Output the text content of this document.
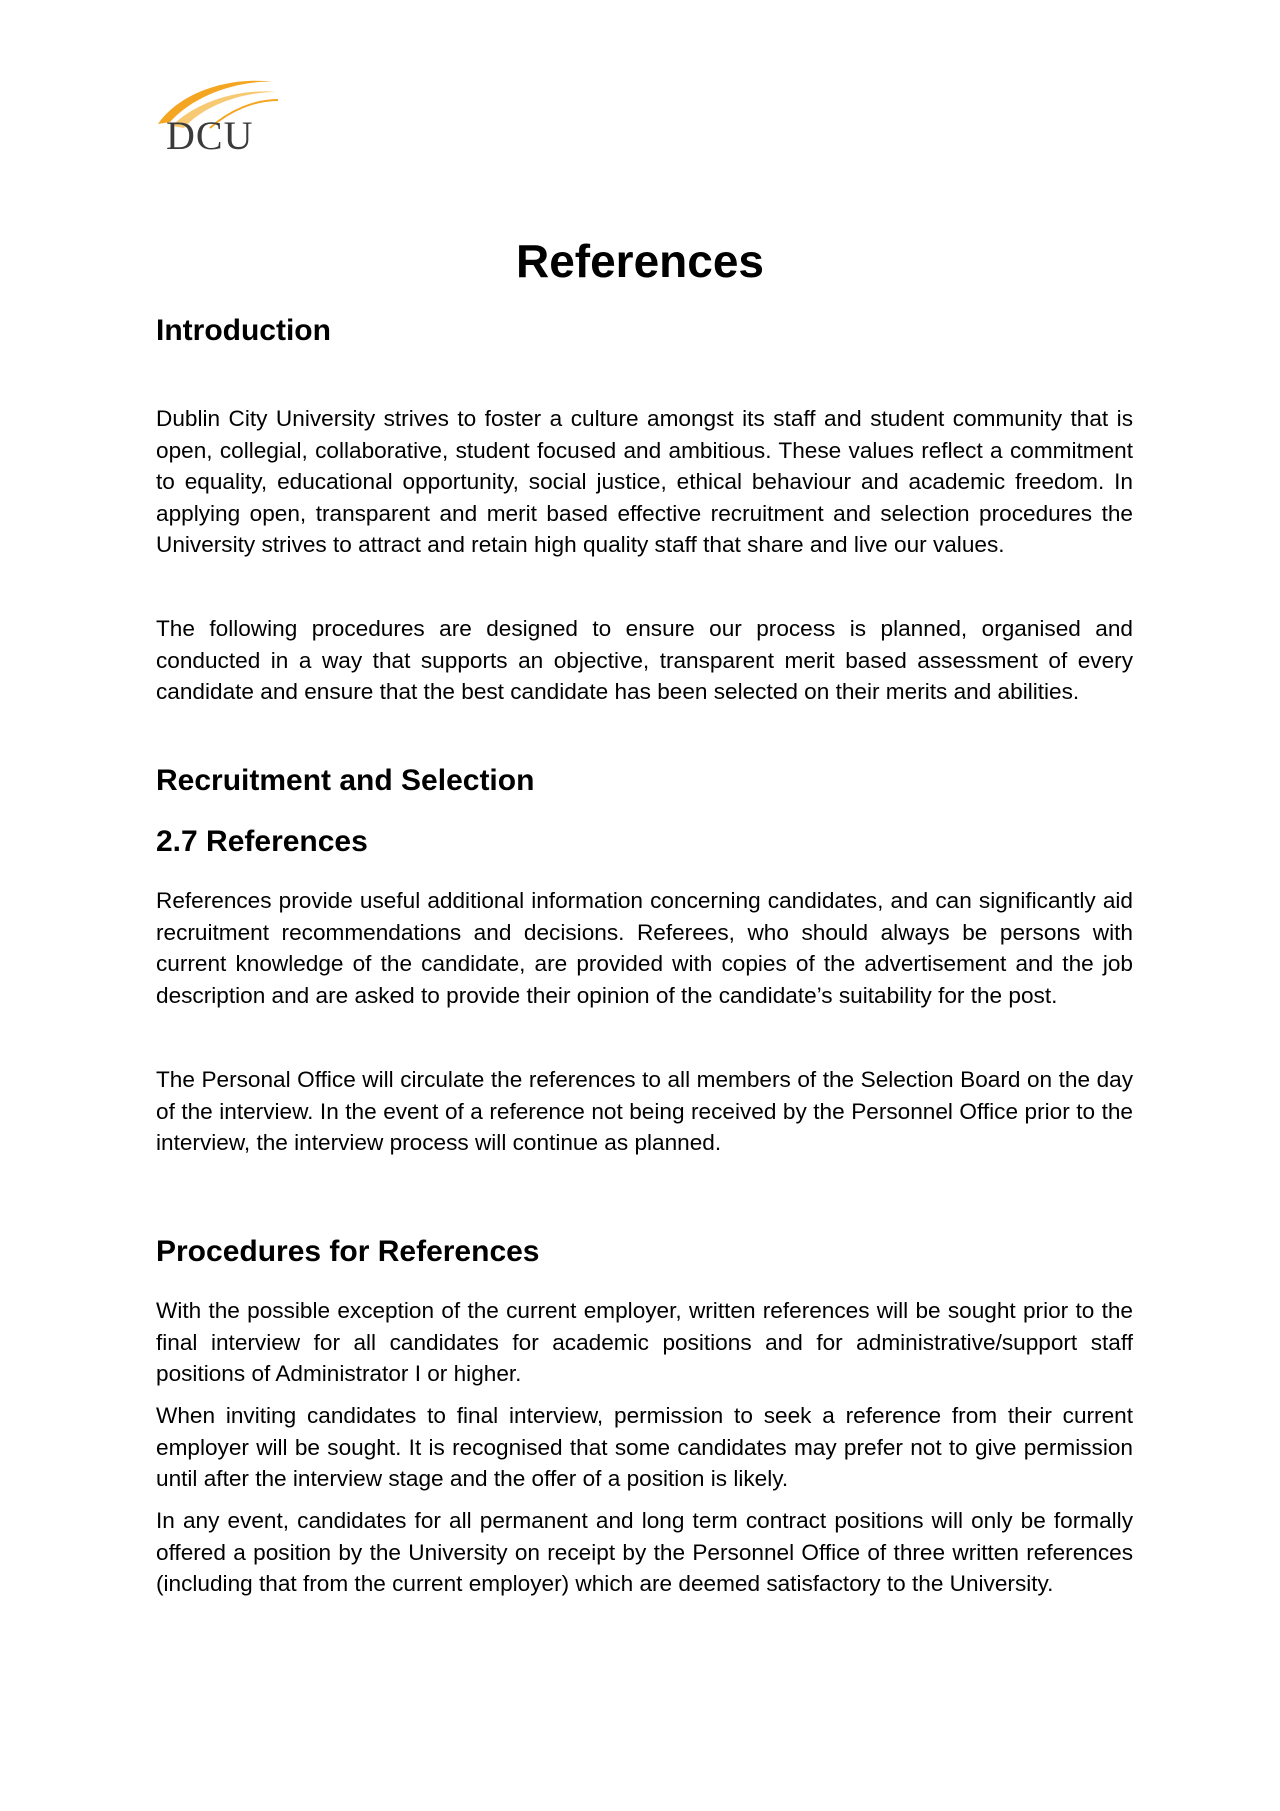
DCU
References
Introduction

Dublin City University strives to foster a culture amongst its staff and student community that is open, collegial, collaborative, student focused and ambitious. These values reflect a commitment to equality, educational opportunity, social justice, ethical behaviour and academic freedom. In applying open, transparent and merit based effective recruitment and selection procedures the University strives to attract and retain high quality staff that share and live our values.

The following procedures are designed to ensure our process is planned, organised and conducted in a way that supports an objective, transparent merit based assessment of every candidate and ensure that the best candidate has been selected on their merits and abilities.

Recruitment and Selection
2.7 References

References provide useful additional information concerning candidates, and can significantly aid recruitment recommendations and decisions. Referees, who should always be persons with current knowledge of the candidate, are provided with copies of the advertisement and the job description and are asked to provide their opinion of the candidate’s suitability for the post.

The Personal Office will circulate the references to all members of the Selection Board on the day of the interview. In the event of a reference not being received by the Personnel Office prior to the interview, the interview process will continue as planned.

Procedures for References

With the possible exception of the current employer, written references will be sought prior to the final interview for all candidates for academic positions and for administrative/support staff positions of Administrator I or higher.

When inviting candidates to final interview, permission to seek a reference from their current employer will be sought. It is recognised that some candidates may prefer not to give permission until after the interview stage and the offer of a position is likely.

In any event, candidates for all permanent and long term contract positions will only be formally offered a position by the University on receipt by the Personnel Office of three written references (including that from the current employer) which are deemed satisfactory to the University.
